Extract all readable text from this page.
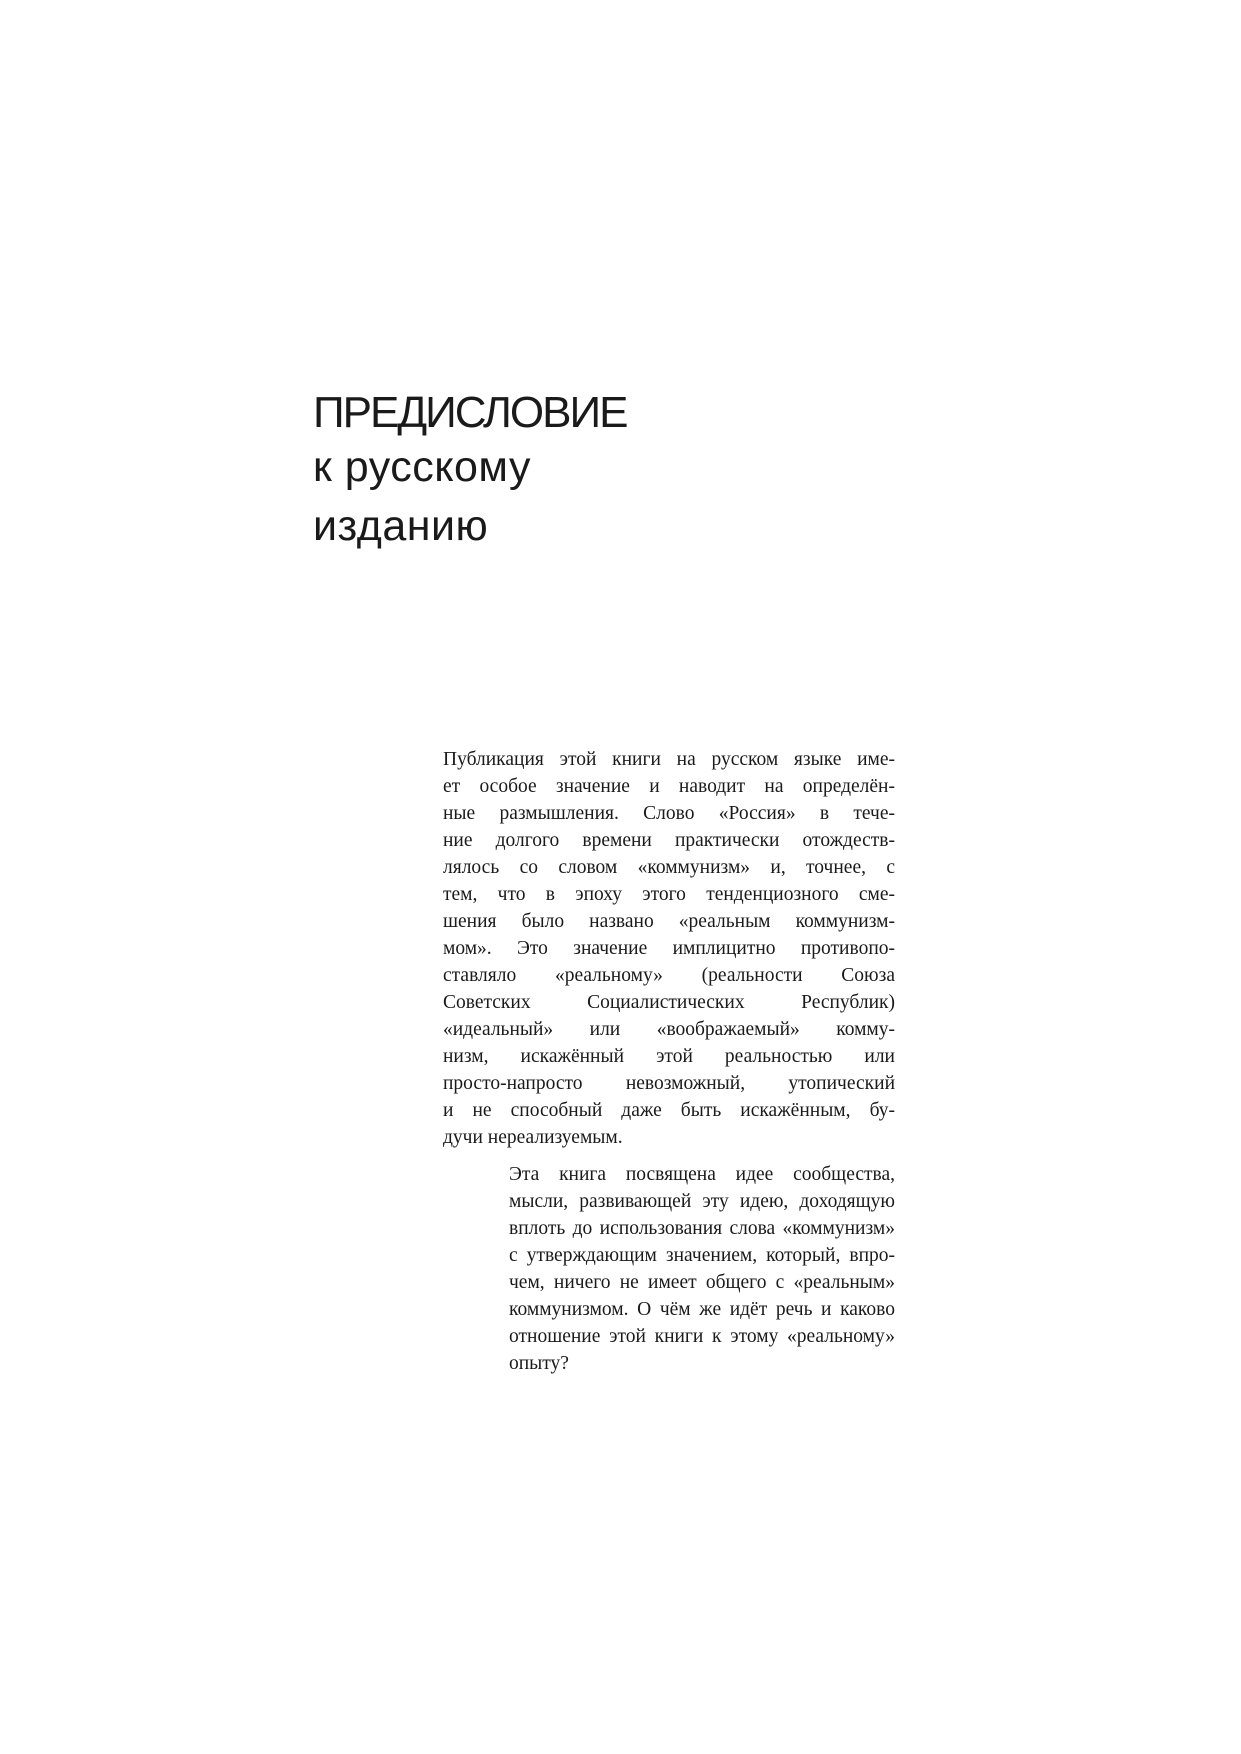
ПРЕДИСЛОВИЕ
к русскому
изданию

Публикация этой книги на русском языке име-
ет особое значение и наводит на определён-
ные размышления. Слово «Россия» в тече-
ние долгого времени практически отождеств-
лялось со словом «коммунизм» и, точнее, с
тем, что в эпоху этого тенденциозного сме-
шения было названо «реальным коммунизм-
мом». Это значение имплицитно противопо-
ставляло «реальному» (реальности Союза
Советских Социалистических Республик)
«идеальный» или «воображаемый» комму-
низм, искажённый этой реальностью или
просто-напросто невозможный, утопический
и не способный даже быть искажённым, бу-
дучи нереализуемым.

Эта книга посвящена идее сообщества,
мысли, развивающей эту идею, доходящую
вплоть до использования слова «коммунизм»
с утверждающим значением, который, впро-
чем, ничего не имеет общего с «реальным»
коммунизмом. О чём же идёт речь и каково
отношение этой книги к этому «реальному»
опыту?
